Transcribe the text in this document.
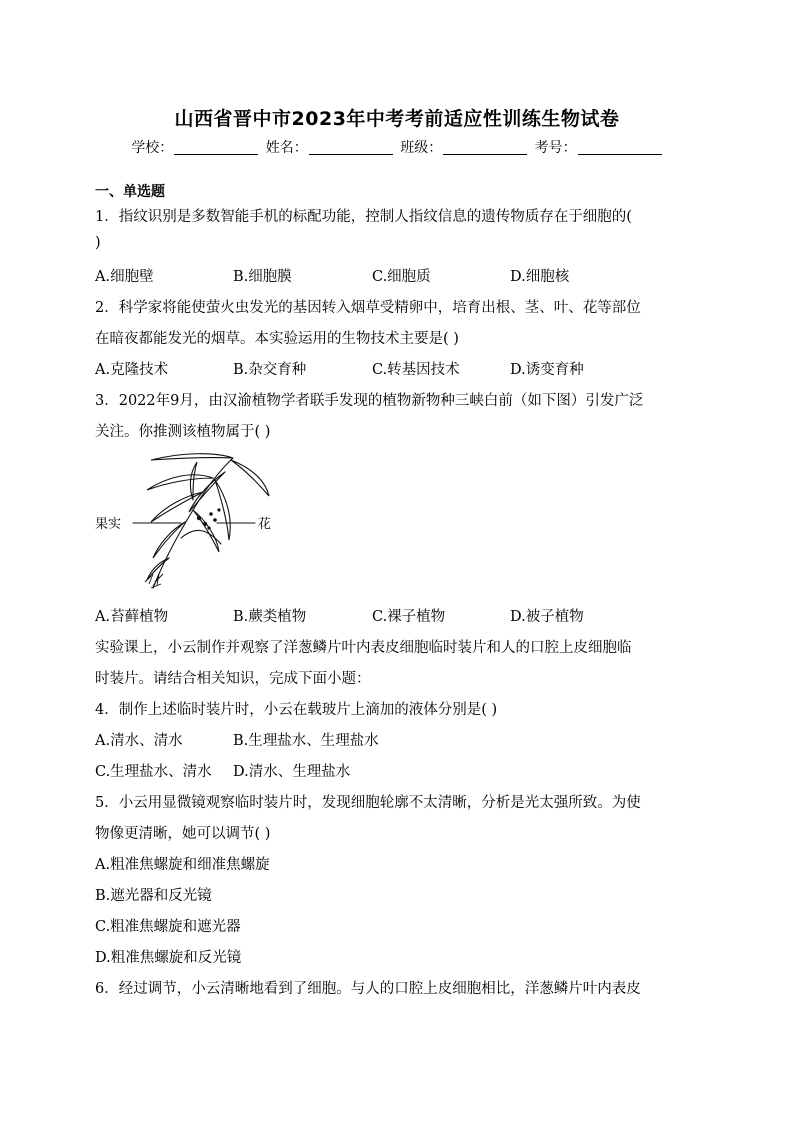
山西省晋中市2023年中考考前适应性训练生物试卷
学校：	姓名：	班级：	考号：
一、单选题
1．指纹识别是多数智能手机的标配功能，控制人指纹信息的遗传物质存在于细胞的(
)
A.细胞壁	B.细胞膜	C.细胞质	D.细胞核
2．科学家将能使萤火虫发光的基因转入烟草受精卵中，培育出根、茎、叶、花等部位
在暗夜都能发光的烟草。本实验运用的生物技术主要是( )
A.克隆技术	B.杂交育种	C.转基因技术	D.诱变育种
3．2022年9月，由汉渝植物学者联手发现的植物新物种三峡白前（如下图）引发广泛
关注。你推测该植物属于( )
果实	花
A.苔藓植物	B.蕨类植物	C.裸子植物	D.被子植物
实验课上，小云制作并观察了洋葱鳞片叶内表皮细胞临时装片和人的口腔上皮细胞临
时装片。请结合相关知识，完成下面小题：
4．制作上述临时装片时，小云在载玻片上滴加的液体分别是( )
A.清水、清水	B.生理盐水、生理盐水
C.生理盐水、清水 D.清水、生理盐水
5．小云用显微镜观察临时装片时，发现细胞轮廓不太清晰，分析是光太强所致。为使
物像更清晰，她可以调节( )
A.粗准焦螺旋和细准焦螺旋
B.遮光器和反光镜
C.粗准焦螺旋和遮光器
D.粗准焦螺旋和反光镜
6．经过调节，小云清晰地看到了细胞。与人的口腔上皮细胞相比，洋葱鳞片叶内表皮
